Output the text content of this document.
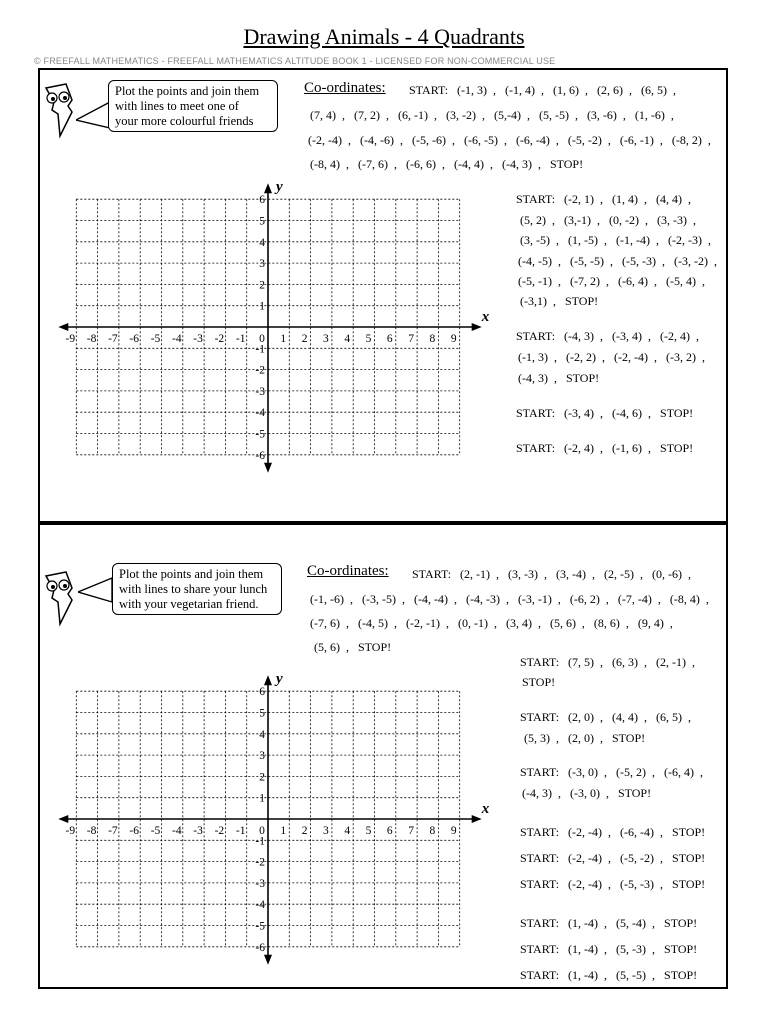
Drawing Animals - 4 Quadrants
© FREEFALL MATHEMATICS - FREEFALL MATHEMATICS ALTITUDE BOOK 1 - LICENSED FOR NON-COMMERCIAL USE
Plot the points and join them
with lines to meet one of
your more colourful friends
Co-ordinates: START:   (-1, 3)  ,   (-1, 4)  ,   (1, 6)  ,   (2, 6)  ,   (6, 5)  ,
(7, 4)  ,   (7, 2)  ,   (6, -1)  ,   (3, -2)  ,   (5,-4)  ,   (5, -5)  ,   (3, -6)  ,   (1, -6)  ,
(-2, -4)  ,   (-4, -6)  ,   (-5, -6)  ,   (-6, -5)  ,   (-6, -4)  ,   (-5, -2)  ,   (-6, -1)  ,   (-8, 2)  ,
(-8, 4)  ,   (-7, 6)  ,   (-6, 6)  ,   (-4, 4)  ,   (-4, 3)  ,   STOP!
START:   (-2, 1)  ,   (1, 4)  ,   (4, 4)  ,
(5, 2)  ,   (3,-1)  ,   (0, -2)  ,   (3, -3)  ,
(3, -5)  ,   (1, -5)  ,   (-1, -4)  ,   (-2, -3)  ,
(-4, -5)  ,   (-5, -5)  ,   (-5, -3)  ,   (-3, -2)  ,
(-5, -1)  ,   (-7, 2)  ,   (-6, 4)  ,   (-5, 4)  ,
(-3,1)  ,   STOP!
START:   (-4, 3)  ,   (-3, 4)  ,   (-2, 4)  ,
(-1, 3)  ,   (-2, 2)  ,   (-2, -4)  ,   (-3, 2)  ,
(-4, 3)  ,   STOP!
START:   (-3, 4)  ,   (-4, 6)  ,   STOP!
START:   (-2, 4)  ,   (-1, 6)  ,   STOP!
x
y
-9 -8 -7 -6 -5 -4 -3 -2 -1 0 1 2 3 4 5 6 7 8 9
1
2
3
4
5
6
-1
-2
-3
-4
-5
-6
Plot the points and join them
with lines to share your lunch
with your vegetarian friend.
Co-ordinates: START:   (2, -1)  ,   (3, -3)  ,   (3, -4)  ,   (2, -5)  ,   (0, -6)  ,
(-1, -6)  ,   (-3, -5)  ,   (-4, -4)  ,   (-4, -3)  ,   (-3, -1)  ,   (-6, 2)  ,   (-7, -4)  ,   (-8, 4)  ,
(-7, 6)  ,   (-4, 5)  ,   (-2, -1)  ,   (0, -1)  ,   (3, 4)  ,   (5, 6)  ,   (8, 6)  ,   (9, 4)  ,
(5, 6)  ,   STOP!
START:   (7, 5)  ,   (6, 3)  ,   (2, -1)  ,
STOP!
START:   (2, 0)  ,   (4, 4)  ,   (6, 5)  ,
(5, 3)  ,   (2, 0)  ,   STOP!
START:   (-3, 0)  ,   (-5, 2)  ,   (-6, 4)  ,
(-4, 3)  ,   (-3, 0)  ,   STOP!
START:   (-2, -4)  ,   (-6, -4)  ,   STOP!
START:   (-2, -4)  ,   (-5, -2)  ,   STOP!
START:   (-2, -4)  ,   (-5, -3)  ,   STOP!
START:   (1, -4)  ,   (5, -4)  ,   STOP!
START:   (1, -4)  ,   (5, -3)  ,   STOP!
START:   (1, -4)  ,   (5, -5)  ,   STOP!
x
y
-9 -8 -7 -6 -5 -4 -3 -2 -1 0 1 2 3 4 5 6 7 8 9
1
2
3
4
5
6
-1
-2
-3
-4
-5
-6
